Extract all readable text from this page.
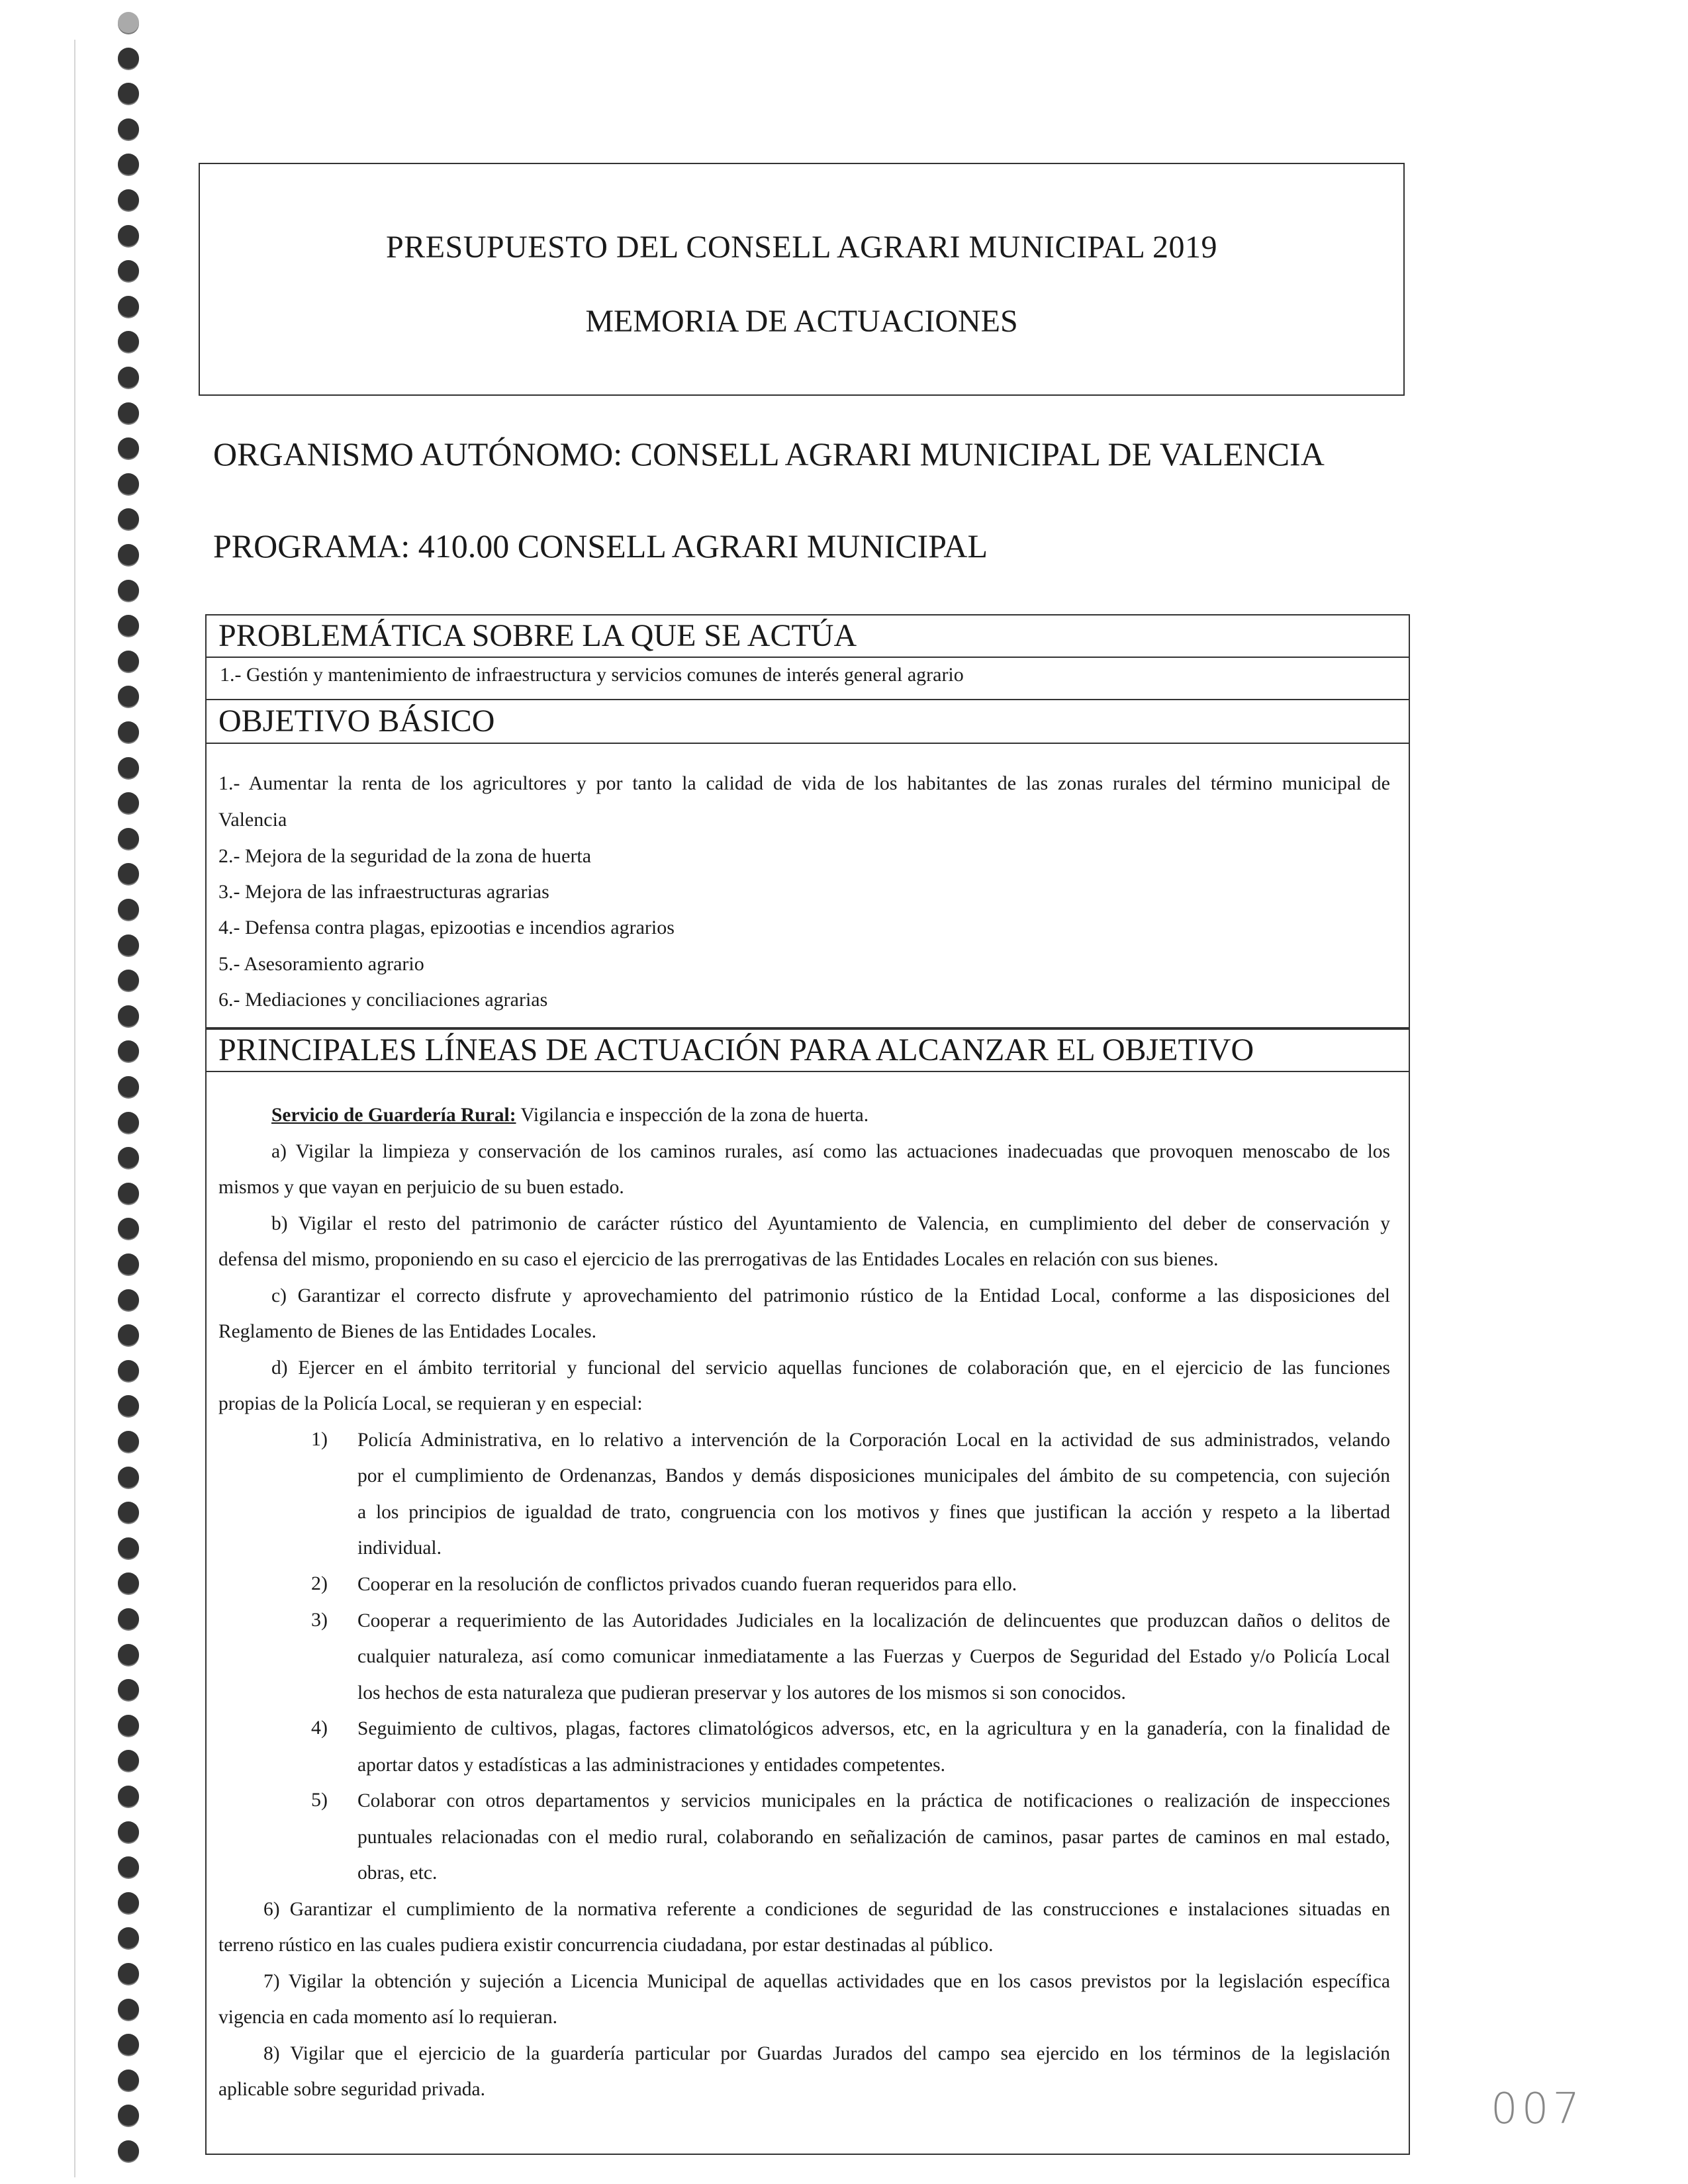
PRESUPUESTO DEL CONSELL AGRARI MUNICIPAL 2019
MEMORIA DE ACTUACIONES
ORGANISMO AUTÓNOMO: CONSELL AGRARI MUNICIPAL DE VALENCIA
PROGRAMA: 410.00 CONSELL AGRARI MUNICIPAL
PROBLEMÁTICA SOBRE LA QUE SE ACTÚA
1.- Gestión y mantenimiento de infraestructura y servicios comunes de interés general agrario
OBJETIVO BÁSICO

1.- Aumentar la renta de los agricultores y por tanto la calidad de vida de los habitantes de las zonas rurales del término municipal de

Valencia

2.- Mejora de la seguridad de la zona de huerta

3.- Mejora de las infraestructuras agrarias

4.- Defensa contra plagas, epizootias e incendios agrarios

5.- Asesoramiento agrario

6.- Mediaciones y conciliaciones agrarias

PRINCIPALES LÍNEAS DE ACTUACIÓN PARA ALCANZAR EL OBJETIVO
Servicio de Guardería Rural: Vigilancia e inspección de la zona de huerta.
a) Vigilar la limpieza y conservación de los caminos rurales, así como las actuaciones inadecuadas que provoquen menoscabo de los
mismos y que vayan en perjuicio de su buen estado.
b) Vigilar el resto del patrimonio de carácter rústico del Ayuntamiento de Valencia, en cumplimiento del deber de conservación y
defensa del mismo, proponiendo en su caso el ejercicio de las prerrogativas de las Entidades Locales en relación con sus bienes.
c) Garantizar el correcto disfrute y aprovechamiento del patrimonio rústico de la Entidad Local, conforme a las disposiciones del
Reglamento de Bienes de las Entidades Locales.
d) Ejercer en el ámbito territorial y funcional del servicio aquellas funciones de colaboración que, en el ejercicio de las funciones
propias de la Policía Local, se requieran y en especial:
1) Policía Administrativa, en lo relativo a intervención de la Corporación Local en la actividad de sus administrados, velando
por el cumplimiento de Ordenanzas, Bandos y demás disposiciones municipales del ámbito de su competencia, con sujeción
a los principios de igualdad de trato, congruencia con los motivos y fines que justifican la acción y respeto a la libertad
individual.
2) Cooperar en la resolución de conflictos privados cuando fueran requeridos para ello.
3) Cooperar a requerimiento de las Autoridades Judiciales en la localización de delincuentes que produzcan daños o delitos de
cualquier naturaleza, así como comunicar inmediatamente a las Fuerzas y Cuerpos de Seguridad del Estado y/o Policía Local
los hechos de esta naturaleza que pudieran preservar y los autores de los mismos si son conocidos.
4) Seguimiento de cultivos, plagas, factores climatológicos adversos, etc, en la agricultura y en la ganadería, con la finalidad de
aportar datos y estadísticas a las administraciones y entidades competentes.
5) Colaborar con otros departamentos y servicios municipales en la práctica de notificaciones o realización de inspecciones
puntuales relacionadas con el medio rural, colaborando en señalización de caminos, pasar partes de caminos en mal estado,
obras, etc.
6) Garantizar el cumplimiento de la normativa referente a condiciones de seguridad de las construcciones e instalaciones situadas en
terreno rústico en las cuales pudiera existir concurrencia ciudadana, por estar destinadas al público.
7) Vigilar la obtención y sujeción a Licencia Municipal de aquellas actividades que en los casos previstos por la legislación específica
vigencia en cada momento así lo requieran.
8) Vigilar que el ejercicio de la guardería particular por Guardas Jurados del campo sea ejercido en los términos de la legislación
aplicable sobre seguridad privada.	007
